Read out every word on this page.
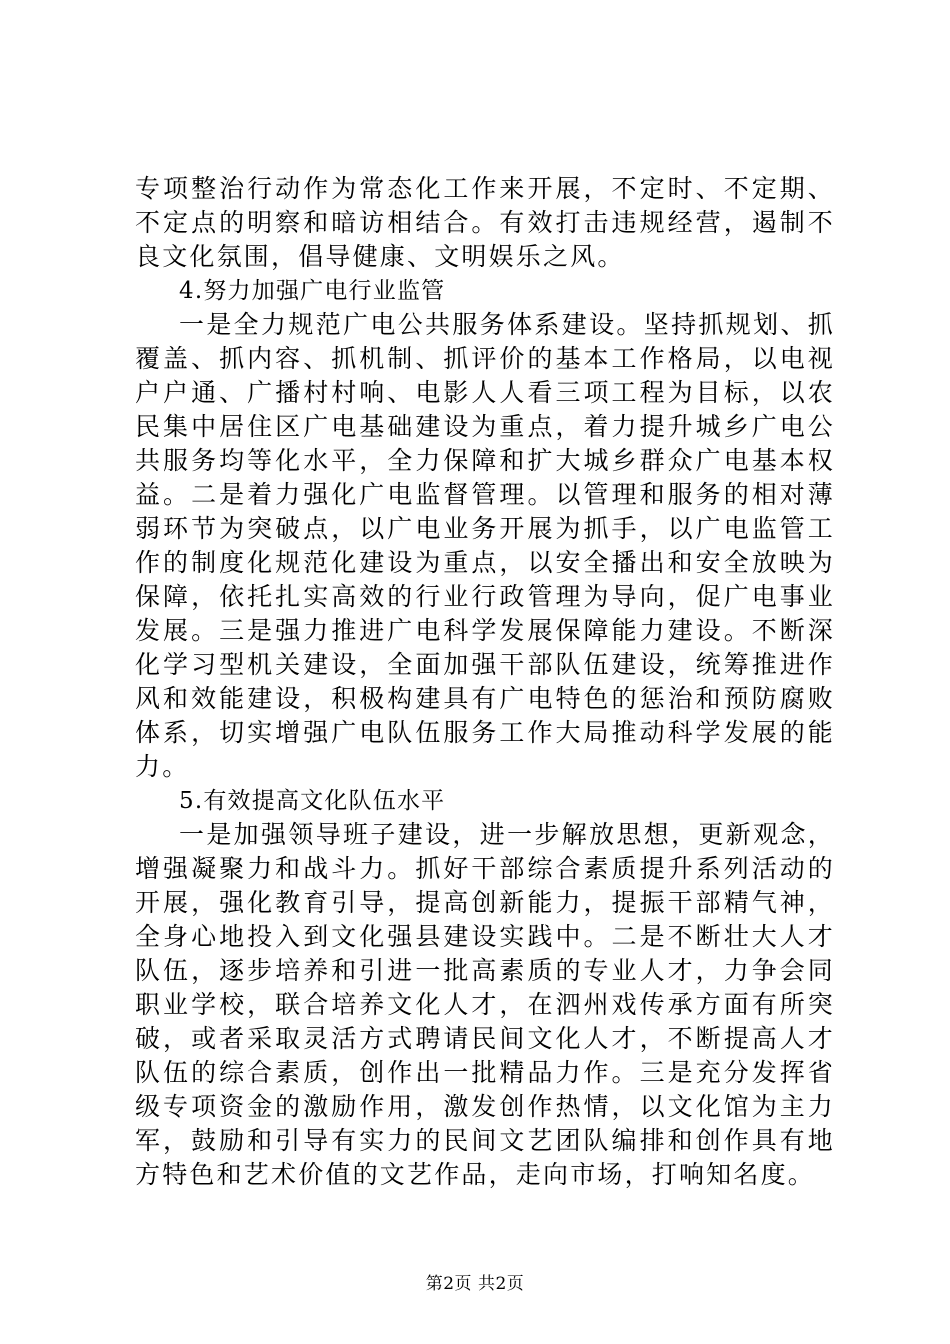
专项整治行动作为常态化工作来开展，不定时、不定期、不定点的明察和暗访相结合。有效打击违规经营，遏制不良文化氛围，倡导健康、文明娱乐之风。

4.努力加强广电行业监管

一是全力规范广电公共服务体系建设。坚持抓规划、抓覆盖、抓内容、抓机制、抓评价的基本工作格局，以电视户户通、广播村村响、电影人人看三项工程为目标，以农民集中居住区广电基础建设为重点，着力提升城乡广电公共服务均等化水平，全力保障和扩大城乡群众广电基本权益。二是着力强化广电监督管理。以管理和服务的相对薄弱环节为突破点，以广电业务开展为抓手，以广电监管工作的制度化规范化建设为重点，以安全播出和安全放映为保障，依托扎实高效的行业行政管理为导向，促广电事业发展。三是强力推进广电科学发展保障能力建设。不断深化学习型机关建设，全面加强干部队伍建设，统筹推进作风和效能建设，积极构建具有广电特色的惩治和预防腐败体系，切实增强广电队伍服务工作大局推动科学发展的能力。

5.有效提高文化队伍水平

一是加强领导班子建设，进一步解放思想，更新观念，增强凝聚力和战斗力。抓好干部综合素质提升系列活动的开展，强化教育引导，提高创新能力，提振干部精气神，全身心地投入到文化强县建设实践中。二是不断壮大人才队伍，逐步培养和引进一批高素质的专业人才，力争会同职业学校，联合培养文化人才，在泗州戏传承方面有所突破，或者采取灵活方式聘请民间文化人才，不断提高人才队伍的综合素质，创作出一批精品力作。三是充分发挥省级专项资金的激励作用，激发创作热情，以文化馆为主力军，鼓励和引导有实力的民间文艺团队编排和创作具有地方特色和艺术价值的文艺作品，走向市场，打响知名度。

第2页 共2页
